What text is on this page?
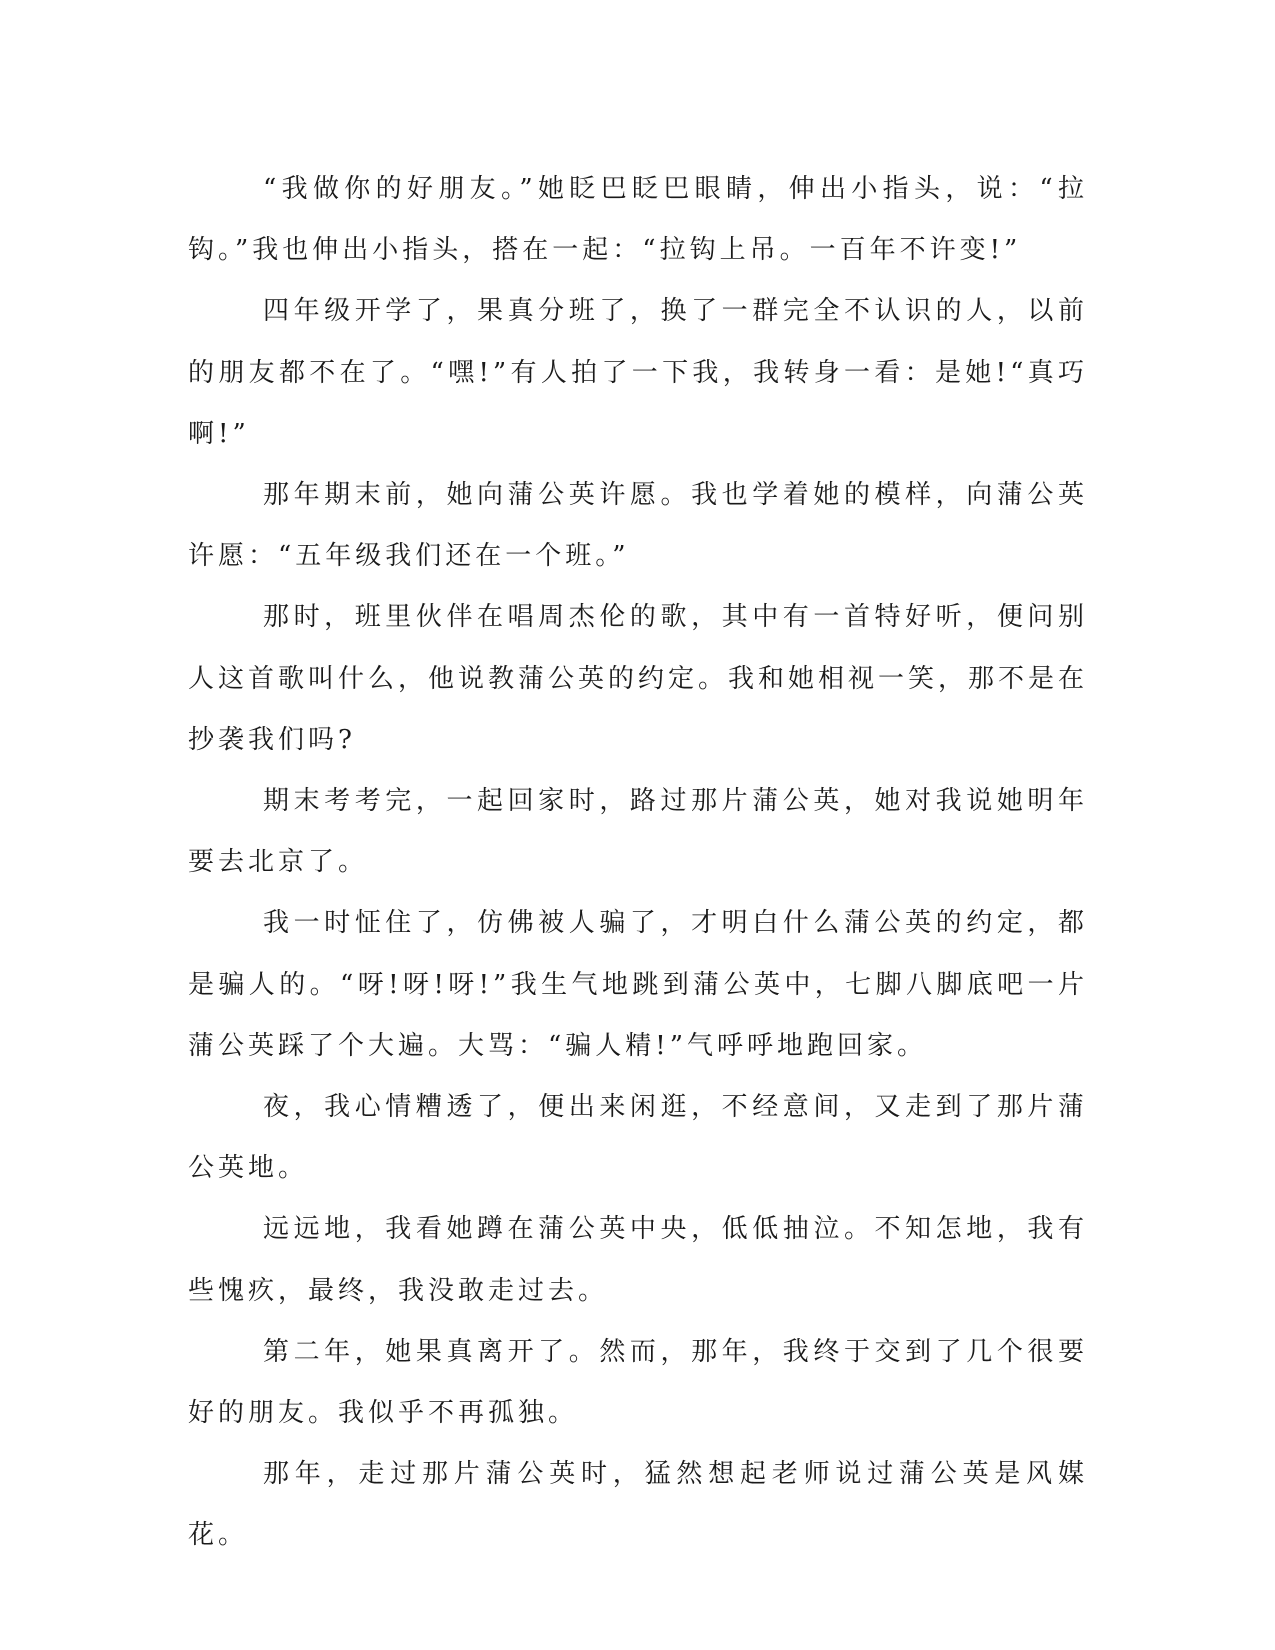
“我做你的好朋友。”她眨巴眨巴眼睛，伸出小指头，说：“拉钩。”我也伸出小指头，搭在一起：“拉钩上吊。一百年不许变!”

四年级开学了，果真分班了，换了一群完全不认识的人，以前的朋友都不在了。“嘿!”有人拍了一下我，我转身一看：是她!“真巧啊!”

那年期末前，她向蒲公英许愿。我也学着她的模样，向蒲公英许愿：“五年级我们还在一个班。”

那时，班里伙伴在唱周杰伦的歌，其中有一首特好听，便问别人这首歌叫什么，他说教蒲公英的约定。我和她相视一笑，那不是在抄袭我们吗?

期末考考完，一起回家时，路过那片蒲公英，她对我说她明年要去北京了。

我一时怔住了，仿佛被人骗了，才明白什么蒲公英的约定，都是骗人的。“呀!呀!呀!”我生气地跳到蒲公英中，七脚八脚底吧一片蒲公英踩了个大遍。大骂：“骗人精!”气呼呼地跑回家。

夜，我心情糟透了，便出来闲逛，不经意间，又走到了那片蒲公英地。

远远地，我看她蹲在蒲公英中央，低低抽泣。不知怎地，我有些愧疚，最终，我没敢走过去。

第二年，她果真离开了。然而，那年，我终于交到了几个很要好的朋友。我似乎不再孤独。

那年，走过那片蒲公英时，猛然想起老师说过蒲公英是风媒花。
